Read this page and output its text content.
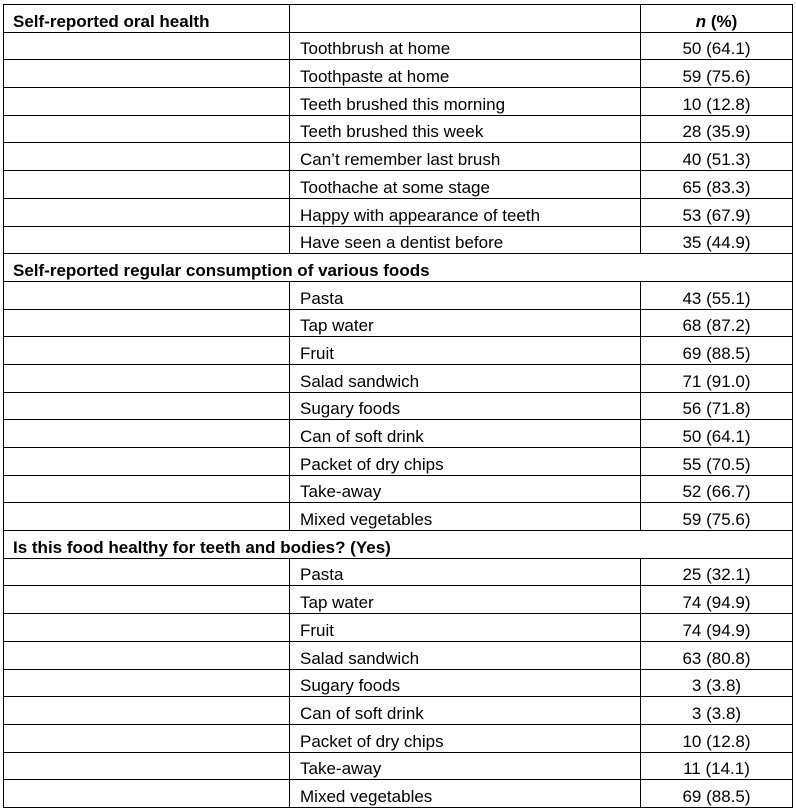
Self-reported oral health		n (%)
	Toothbrush at home	50 (64.1)
	Toothpaste at home	59 (75.6)
	Teeth brushed this morning	10 (12.8)
	Teeth brushed this week	28 (35.9)
	Can’t remember last brush	40 (51.3)
	Toothache at some stage	65 (83.3)
	Happy with appearance of teeth	53 (67.9)
	Have seen a dentist before	35 (44.9)
Self-reported regular consumption of various foods		
	Pasta	43 (55.1)
	Tap water	68 (87.2)
	Fruit	69 (88.5)
	Salad sandwich	71 (91.0)
	Sugary foods	56 (71.8)
	Can of soft drink	50 (64.1)
	Packet of dry chips	55 (70.5)
	Take-away	52 (66.7)
	Mixed vegetables	59 (75.6)
Is this food healthy for teeth and bodies? (Yes)		
	Pasta	25 (32.1)
	Tap water	74 (94.9)
	Fruit	74 (94.9)
	Salad sandwich	63 (80.8)
	Sugary foods	3 (3.8)
	Can of soft drink	3 (3.8)
	Packet of dry chips	10 (12.8)
	Take-away	11 (14.1)
	Mixed vegetables	69 (88.5)
